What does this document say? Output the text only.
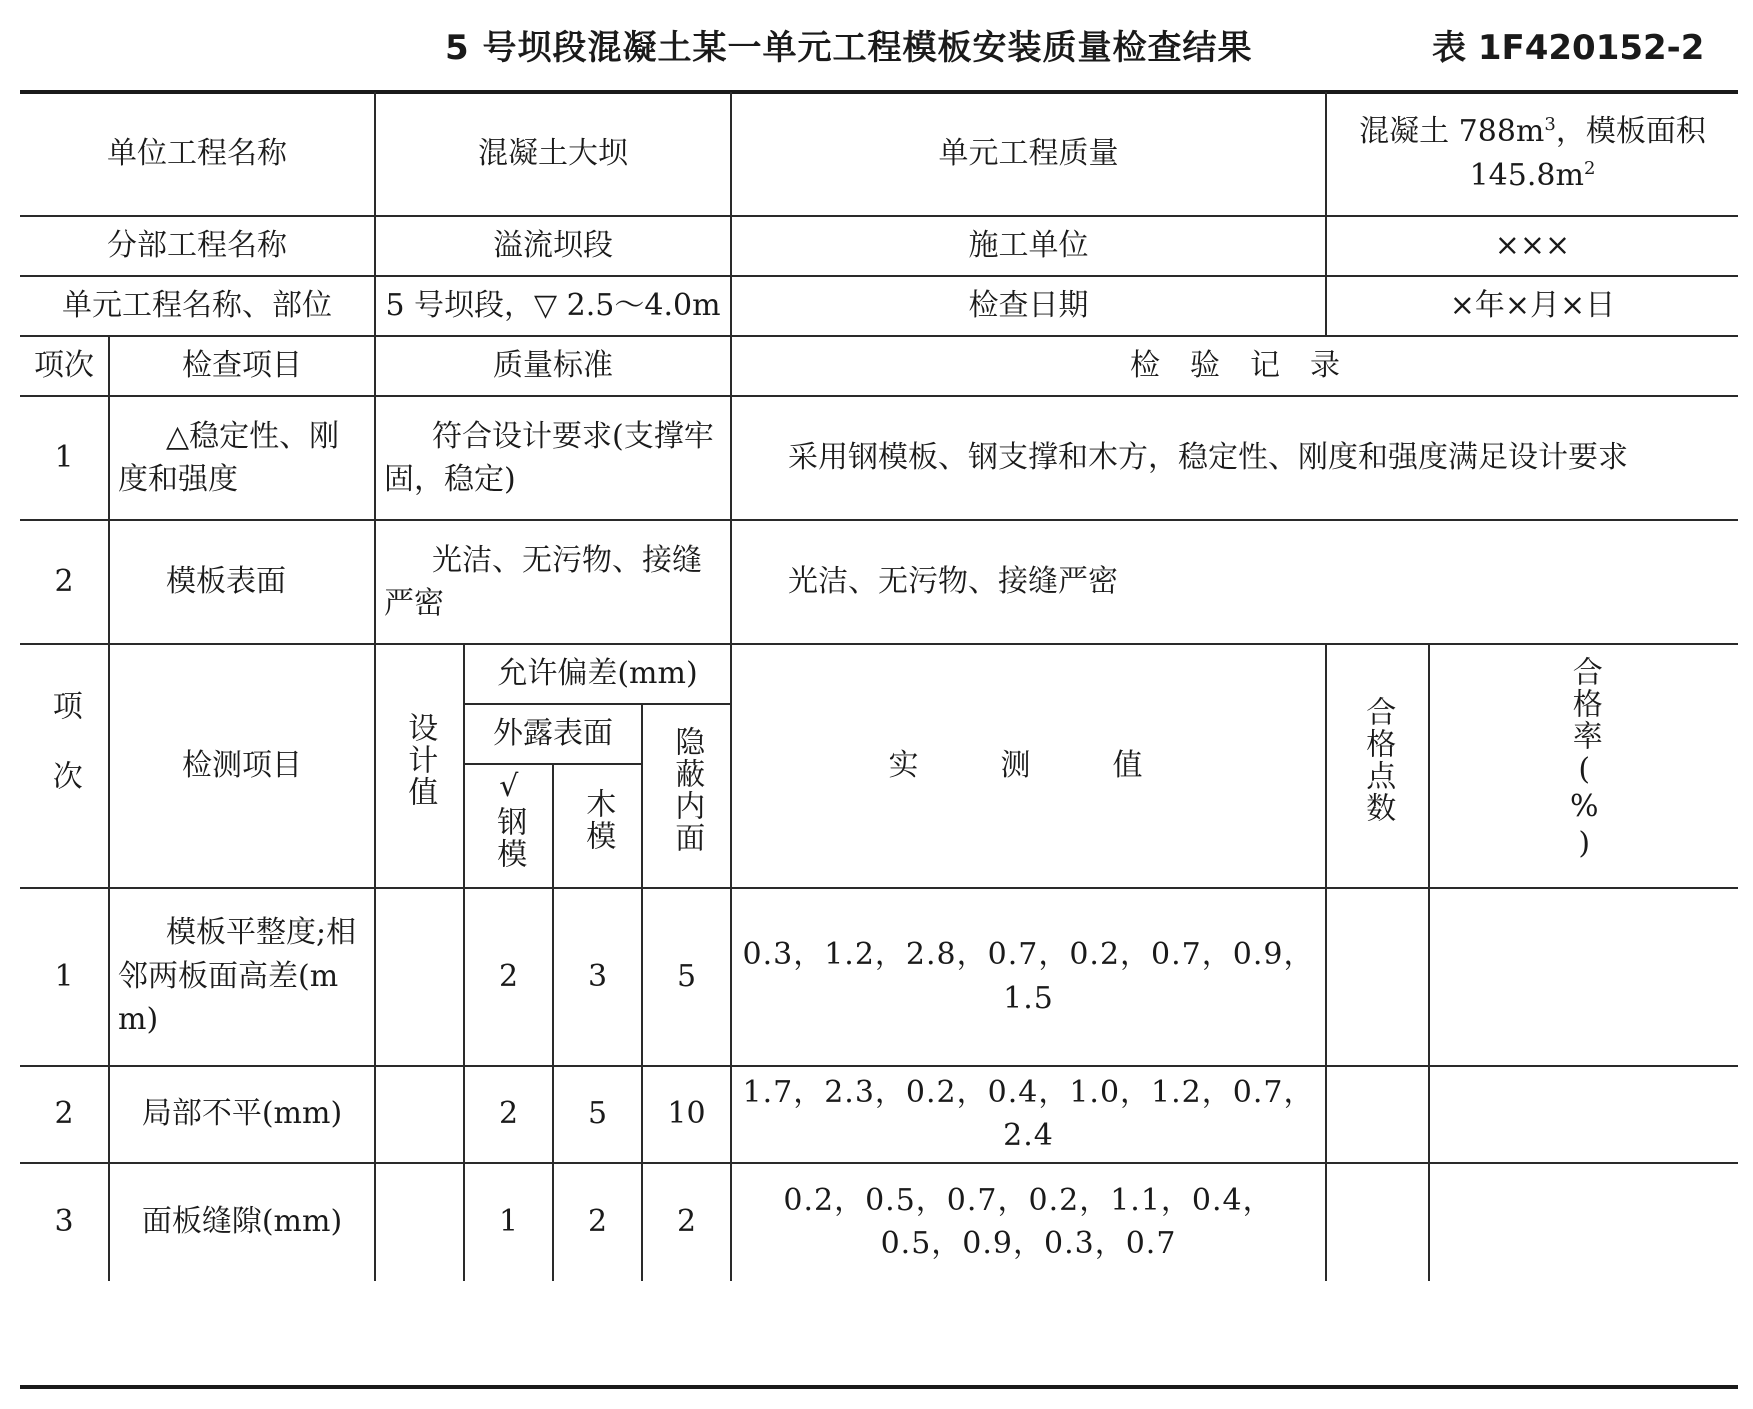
5 号坝段混凝土某一单元工程模板安装质量检查结果	表 1F420152-2
单位工程名称		混凝土大坝				单元工程质量	混凝土 $788m^3$，模板面积
$145.8m^2$
分部工程名称		溢流坝段				施工单位	×××	
单元工程名称、部位		5 号坝段，▽ 2.5～4.0m				检查日期	×年×月×日	
项次	检查项目	质量标准				检　验　记　录		
1	△稳定性、刚度和强度	符合设计要求(支撑牢固，稳定)				采用钢模板、钢支撑和木方，稳定性、刚度和强度满足设计要求		
2	模板表面	光洁、无污物、接缝严密				光洁、无污物、接缝严密		
项次	检测项目	设计值	允许偏差(mm)			实　测　值	合格点数	合格率(%)
			外露表面		隐蔽内面			
			√钢模	木模				
1	模板平整度;相邻两板面高差(mm)		2	3	5	0.3，1.2，2.8，0.7，0.2，0.7，0.9，1.5		
2	局部不平(mm)		2	5	10	1.7，2.3，0.2，0.4，1.0，1.2，0.7，2.4		
3	面板缝隙(mm)		1	2	2	0.2，0.5，0.7，0.2，1.1，0.4，0.5，0.9，0.3，0.7		
